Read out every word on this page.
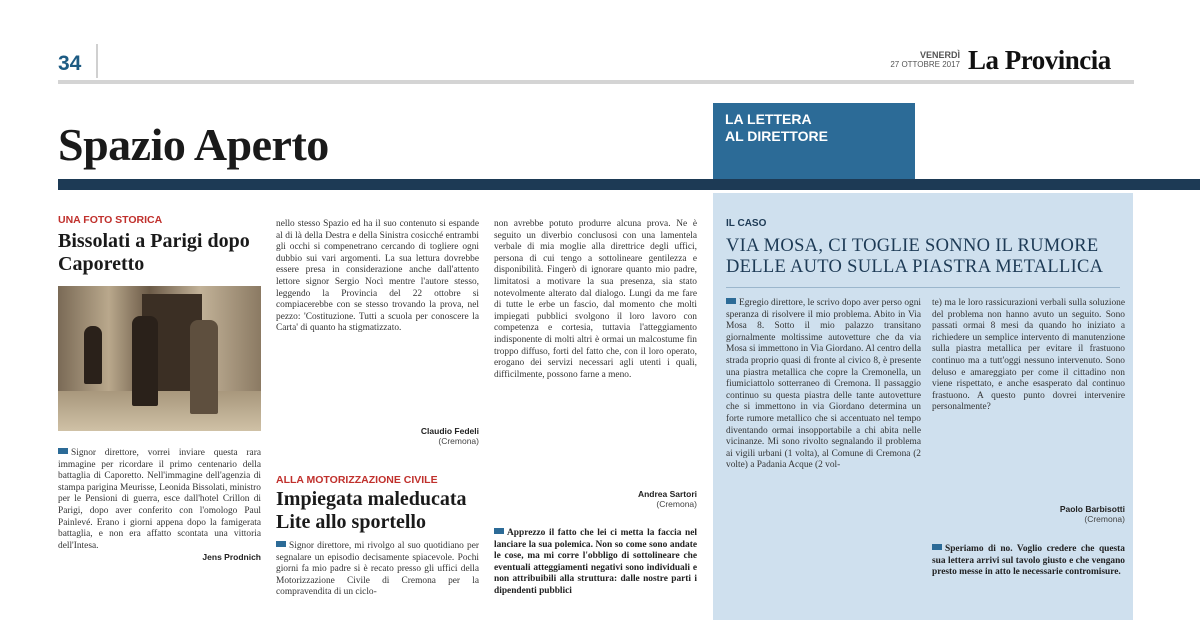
34	VENERDÌ
27 OTTOBRE 2017 La Provincia
Spazio Aperto	LA LETTERA
AL DIRETTORE
UNA FOTO STORICA
Bissolati a Parigi dopo Caporetto

Signor direttore, vorrei inviare questa rara immagine per ricordare il primo centenario della battaglia di Caporetto. Nell'immagine dell'agenzia di stampa parigina Meurisse, Leonida Bissolati, ministro per le Pensioni di guerra, esce dall'hotel Crillon di Parigi, dopo aver conferito con l'omologo Paul Painlevé. Erano i giorni appena dopo la famigerata battaglia, e non era affatto scontata una vittoria dell'Intesa.

Jens Prodnich

nello stesso Spazio ed ha il suo contenuto si espande al di là della Destra e della Sinistra cosicché entrambi gli occhi si compenetrano cercando di togliere ogni dubbio sui vari argomenti. La sua lettura dovrebbe essere presa in considerazione anche dall'attento lettore signor Sergio Nocì mentre l'autore stesso, leggendo la Provincia del 22 ottobre si compiacerebbe con se stesso trovando la prova, nel pezzo: 'Costituzione. Tutti a scuola per conoscere la Carta' di quanto ha stigmatizzato.

Claudio Fedeli
(Cremona)
ALLA MOTORIZZAZIONE CIVILE
Impiegata maleducata Lite allo sportello

Signor direttore, mi rivolgo al suo quotidiano per segnalare un episodio decisamente spiacevole. Pochi giorni fa mio padre si è recato presso gli uffici della Motorizzazione Civile di Cremona per la compravendita di un ciclo-

non avrebbe potuto produrre alcuna prova. Ne è seguito un diverbio conclusosi con una lamentela verbale di mia moglie alla direttrice degli uffici, persona di cui tengo a sottolineare gentilezza e disponibilità. Fingerò di ignorare quanto mio padre, limitatosi a motivare la sua presenza, sia stato notevolmente alterato dal dialogo. Lungi da me fare di tutte le erbe un fascio, dal momento che molti impiegati pubblici svolgono il loro lavoro con competenza e cortesia, tuttavia l'atteggiamento indisponente di molti altri è ormai un malcostume fin troppo diffuso, forti del fatto che, con il loro operato, erogano dei servizi necessari agli utenti i quali, difficilmente, possono farne a meno.

Andrea Sartori
(Cremona)

Apprezzo il fatto che lei ci metta la faccia nel lanciare la sua polemica. Non so come sono andate le cose, ma mi corre l'obbligo di sottolineare che eventuali atteggiamenti negativi sono individuali e non attribuibili alla struttura: dalle nostre parti i dipendenti pubblici

IL CASO
VIA MOSA, CI TOGLIE SONNO IL RUMORE DELLE AUTO SULLA PIASTRA METALLICA

Egregio direttore, le scrivo dopo aver perso ogni speranza di risolvere il mio problema. Abito in Via Mosa 8. Sotto il mio palazzo transitano giornalmente moltissime autovetture che da via Mosa si immettono in Via Giordano. Al centro della strada proprio quasi di fronte al civico 8, è presente una piastra metallica che copre la Cremonella, un fiumiciattolo sotterraneo di Cremona. Il passaggio continuo su questa piastra delle tante autovetture che si immettono in via Giordano determina un forte rumore metallico che si accentuato nel tempo diventando ormai insopportabile a chi abita nelle vicinanze. Mi sono rivolto segnalando il problema ai vigili urbani (1 volta), al Comune di Cremona (2 volte) a Padania Acque (2 vol-

te) ma le loro rassicurazioni verbali sulla soluzione del problema non hanno avuto un seguito. Sono passati ormai 8 mesi da quando ho iniziato a richiedere un semplice intervento di manutenzione sulla piastra metallica per evitare il frastuono continuo ma a tutt'oggi nessuno intervenuto. Sono deluso e amareggiato per come il cittadino non viene rispettato, e anche esasperato dal continuo frastuono. A questo punto dovrei intervenire personalmente?

Paolo Barbisotti
(Cremona)

Speriamo di no. Voglio credere che questa sua lettera arrivi sul tavolo giusto e che vengano presto messe in atto le necessarie contromisure.
